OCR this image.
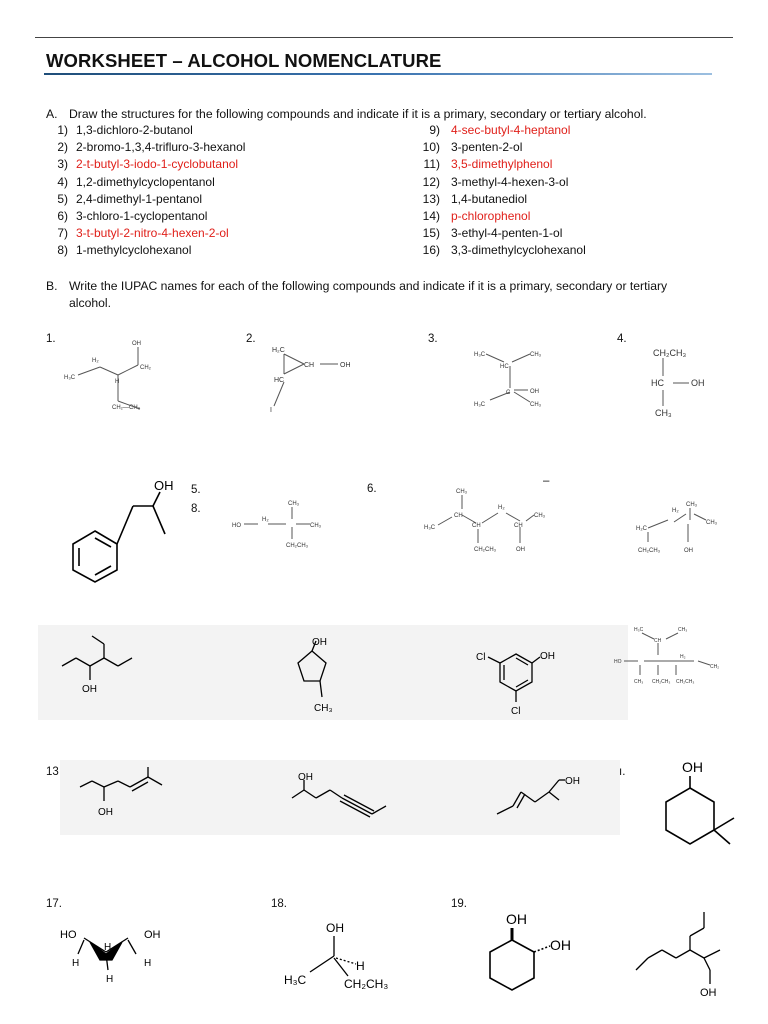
WORKSHEET – ALCOHOL NOMENCLATURE
A. Draw the structures for the following compounds and indicate if it is a primary, secondary or tertiary alcohol.
1) 1,3-dichloro-2-butanol
2) 2-bromo-1,3,4-trifluro-3-hexanol
3) 2-t-butyl-3-iodo-1-cyclobutanol
4) 1,2-dimethylcyclopentanol
5) 2,4-dimethyl-1-pentanol
6) 3-chloro-1-cyclopentanol
7) 3-t-butyl-2-nitro-4-hexen-2-ol
8) 1-methylcyclohexanol
9) 4-sec-butyl-4-heptanol
10) 3-penten-2-ol
11) 3,5-dimethylphenol
12) 3-methyl-4-hexen-3-ol
13) 1,4-butanediol
14) p-chlorophenol
15) 3-ethyl-4-penten-1-ol
16) 3,3-dimethylcyclohexanol
B. Write the IUPAC names for each of the following compounds and indicate if it is a primary, secondary or tertiary
alcohol.
1.	2.	3.	4.
5.
8.
6.
–
13	ı.
17.	18.	19.
OH
H₂
CH₂
H₃C
H
CH₂—CH₃
H₂C
CH	OH
HC
I
H₃C	CH₃
HC
C	OH
H₃C	CH₃
CH₂CH₃
HC	OH
CH₃
OH
HO
H₂
CH₃
CH₃
CH₂CH₃
CH₃
H₂
CH	CH₃
H₃C	CH	CH
CH₂CH₃	OH
H₂
CH₃
CH₃
H₂C
CH₂CH₃	OH
OH
OH
CH₃
Cl	OH
Cl
H₃C	CH₃
CH
HO
H₂
CH₂
CH₃ CH₂CH₃ CH₂CH₃
OH
OH	OH
OH
HO	OH
H
H	H
H
OH
H₃C
H
CH₂CH₃
OH
OH
OH
